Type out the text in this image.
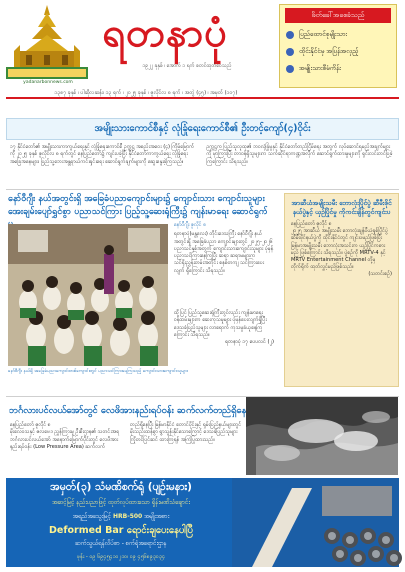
yadanarbonnews.com
ရတနာပုံ
၁၉၂၂ ခုနှစ် ၊ အောက် ၁ ရက် စတင်ထုတ်ဝေသည်
၁၃၈၇ ခုနှစ် ၊ ပါဆိုလဆန်း၊ ၁၃ ရက် ၊ ၂၀၂၅ ခုနှစ် ၊ ဇူလိုင်လ ၈ ရက် ၊ အတွဲ (၄၅) ၊ အမှတ် (၁၀၇)
ဖိတ်ခေါ်အစေခံသည်
ပြည်ထောင်စုမျိုးသား
ထိုင်းနိုင်ငံမှ အပြန်အလှည့်
အမျိုးသားစီမံကိန်း
အမျိုးသားကောင်စီနှင့် လုံခြုံရေးကောင်စီ၏ ဦးတင့်ကျော်(၄)ဝိုင်း
၁၇ နိုင်ငံတော်၏ အမျိုးသားကာကွယ်ရေးနှင့် လုံခြုံရေးကောင်စီ ဥက္ကဋ္ဌ အစည်းအဝေး (၄) ကြိမ်မြောက်ကို ၂၀၂၅ ခုနှစ် ဇူလိုင်လ ၈ ရက်တွင် နေပြည်တော်၌ ကျင်းပခဲ့ပြီး နိုင်ငံတော်ကာကွယ်ရေး လုံခြုံရေး အခြေအနေများ၊ ပြည်သူ့ဘေးအန္တရာယ်ကင်းရှင်းရေး ဆောင်ရွက်ချက်များကို ဆွေးနွေးခဲ့ကြသည်။
ဥက္ကဋ္ဌက ပြည်သူလူထု၏ ဘဝလုံခြုံမှုနှင့် နိုင်ငံတော်တည်ငြိမ်ရေး အတွက် လုပ်ဆောင်ရမည့်အချက်များကို မှာကြားပြီး တာဝန်ရှိသူများက သက်ဆိုင်ရာကဏ္ဍအလိုက် ဆောင်ရွက်ထားမှုများကို ရှင်းလင်းတင်ပြခဲ့ကြကြောင်း သိရသည်။
နော်ဝီဂျီး နယ်အတွင်းရှိ အခြေခံပညာကျောင်းများ၌ ကျောင်းသား ကျောင်းသူများ အေးချမ်းပျော်ရွှင်စွာ ပညာသင်ကြား ပြည့်သူ့ဆေးရုံကြီး၌ ကျန်းမာရေး ဆောင်ရွက်
နော်ဝီဂျီး နယ်ရှိ အခြေခံပညာကျောင်းတစ်ကျောင်းတွင် ပညာသင်ကြားနေကြသည့် ကျောင်းသားကျောင်းသူများ
နော်ဝီဂျီး ဇူလိုင် ၈
ရတနာပုံ(မန္တလေး) တိုင်းဒေသကြီး နော်ဝီဂျီး နယ်အတွင်းရှိ အခြေခံပညာ ကျောင်းများတွင် ၂၀၂၅-၂၀၂၆ ပညာသင်နှစ်အတွက် ကျောင်းသားကျောင်းသူများ ပုံမှန် ပညာသင်ကြားနေကြပြီး ဆရာ ဆရာမများက သင်ရိုးညွှန်းတမ်းအတိုင်း စနစ်တကျ သင်ကြားပေးလျက် ရှိကြောင်း သိရသည်။
ထို့ပြင် ပြည်သူ့ဆေးရုံကြီးတွင်လည်း ကျန်းမာရေးဝန်ထမ်းများက ဆေးကုသမှုများ ပုံမှန်ပေးလျက်ရှိပြီး ဒေသခံပြည်သူများ လာရောက် ကုသမှုခံယူနေကြကြောင်း သိရသည်။
ရတနာပုံ ၁၇ ပေပလင် (၂)
အာဆီယံအမျိုးသမီး ဘောလုံးပြိုင်ပွဲ ဆီမီးဖိုင်နယ်ပွဲနှင့် ယှဉ်ပြိုင်မှု ကိုကင်းချိန်တွင်ကျင်းပ
နေပြည်တော် ဇူလိုင် ၈
၂၀၂၅ အာဆီယံ အမျိုးသမီး ဘောလုံးချန်ပီယံရှစ်ပြိုင်ပွဲ ဆီမီးဖိုင်နယ်ပွဲကို ထိုင်းနိုင်ငံတွင် ကျင်းပမည်ဖြစ်ပြီး မြန်မာအမျိုးသမီး ဘောလုံးအသင်းက ယှဉ်ပြိုင်ကစားမည် ဖြစ်ကြောင်း သိရသည်။ ပွဲစဉ်ကို MRTV-4 နှင့် MRTV Entertainment Channel တို့မှ တိုက်ရိုက် ထုတ်လွှင့်မည်ဖြစ်သည်။
(သတင်းစဉ်)
ဘင်္ဂလားပင်လယ်အော်တွင် လေဖိအားနည်းရပ်ဝန်း ဆက်လက်တည်ရှိနေ
နေပြည်တော် ဇူလိုင် ၈
မိုးလေဝသနှင့် ဇလဗေဒ ညွှန်ကြားမှု ဦးစီးဌာန၏ သတင်းအရ ဘင်္ဂလားပင်လယ်အော် အနောက်မြောက်ပိုင်းတွင် လေဖိအားနည်းရပ်ဝန်း (Low Pressure Area) ဆက်လက်
တည်ရှိနေပြီး မြန်မာနိုင်ငံ တောင်ပိုင်းနှင့် ရှမ်းပြည်နယ်များတွင် မိုးသည်းထန်စွာ ရွာသွန်းနိုင်သောကြောင့် ဒေသခံပြည်သူများ ကြိုတင်ပြင်ဆင် ထားကြရန် အကြံပြုထားသည်။
အမှတ်(၃) သံမဏိစက်ရုံ (ပျဉ်းမနား)
အဆင့်မြင့် နည်းပညာဖြင့် ထုတ်လုပ်ထားသော ရှိန်းမဏိသံချောင်း
အရည်အသွေးမြင့် HRB-500 အမျိုးအစား
Deformed Bar ရောင်းချပေးနေပါပြီ
ဆက်သွယ်ရန်လိပ်စာ - စက်ရုံအရောင်းဌာန
ဖုန်း - ၀၉ ၆၉၄၅၄၁၀၂၁၀၊ ၀၉ ၄၅၆၈၉၃၀၃၄
